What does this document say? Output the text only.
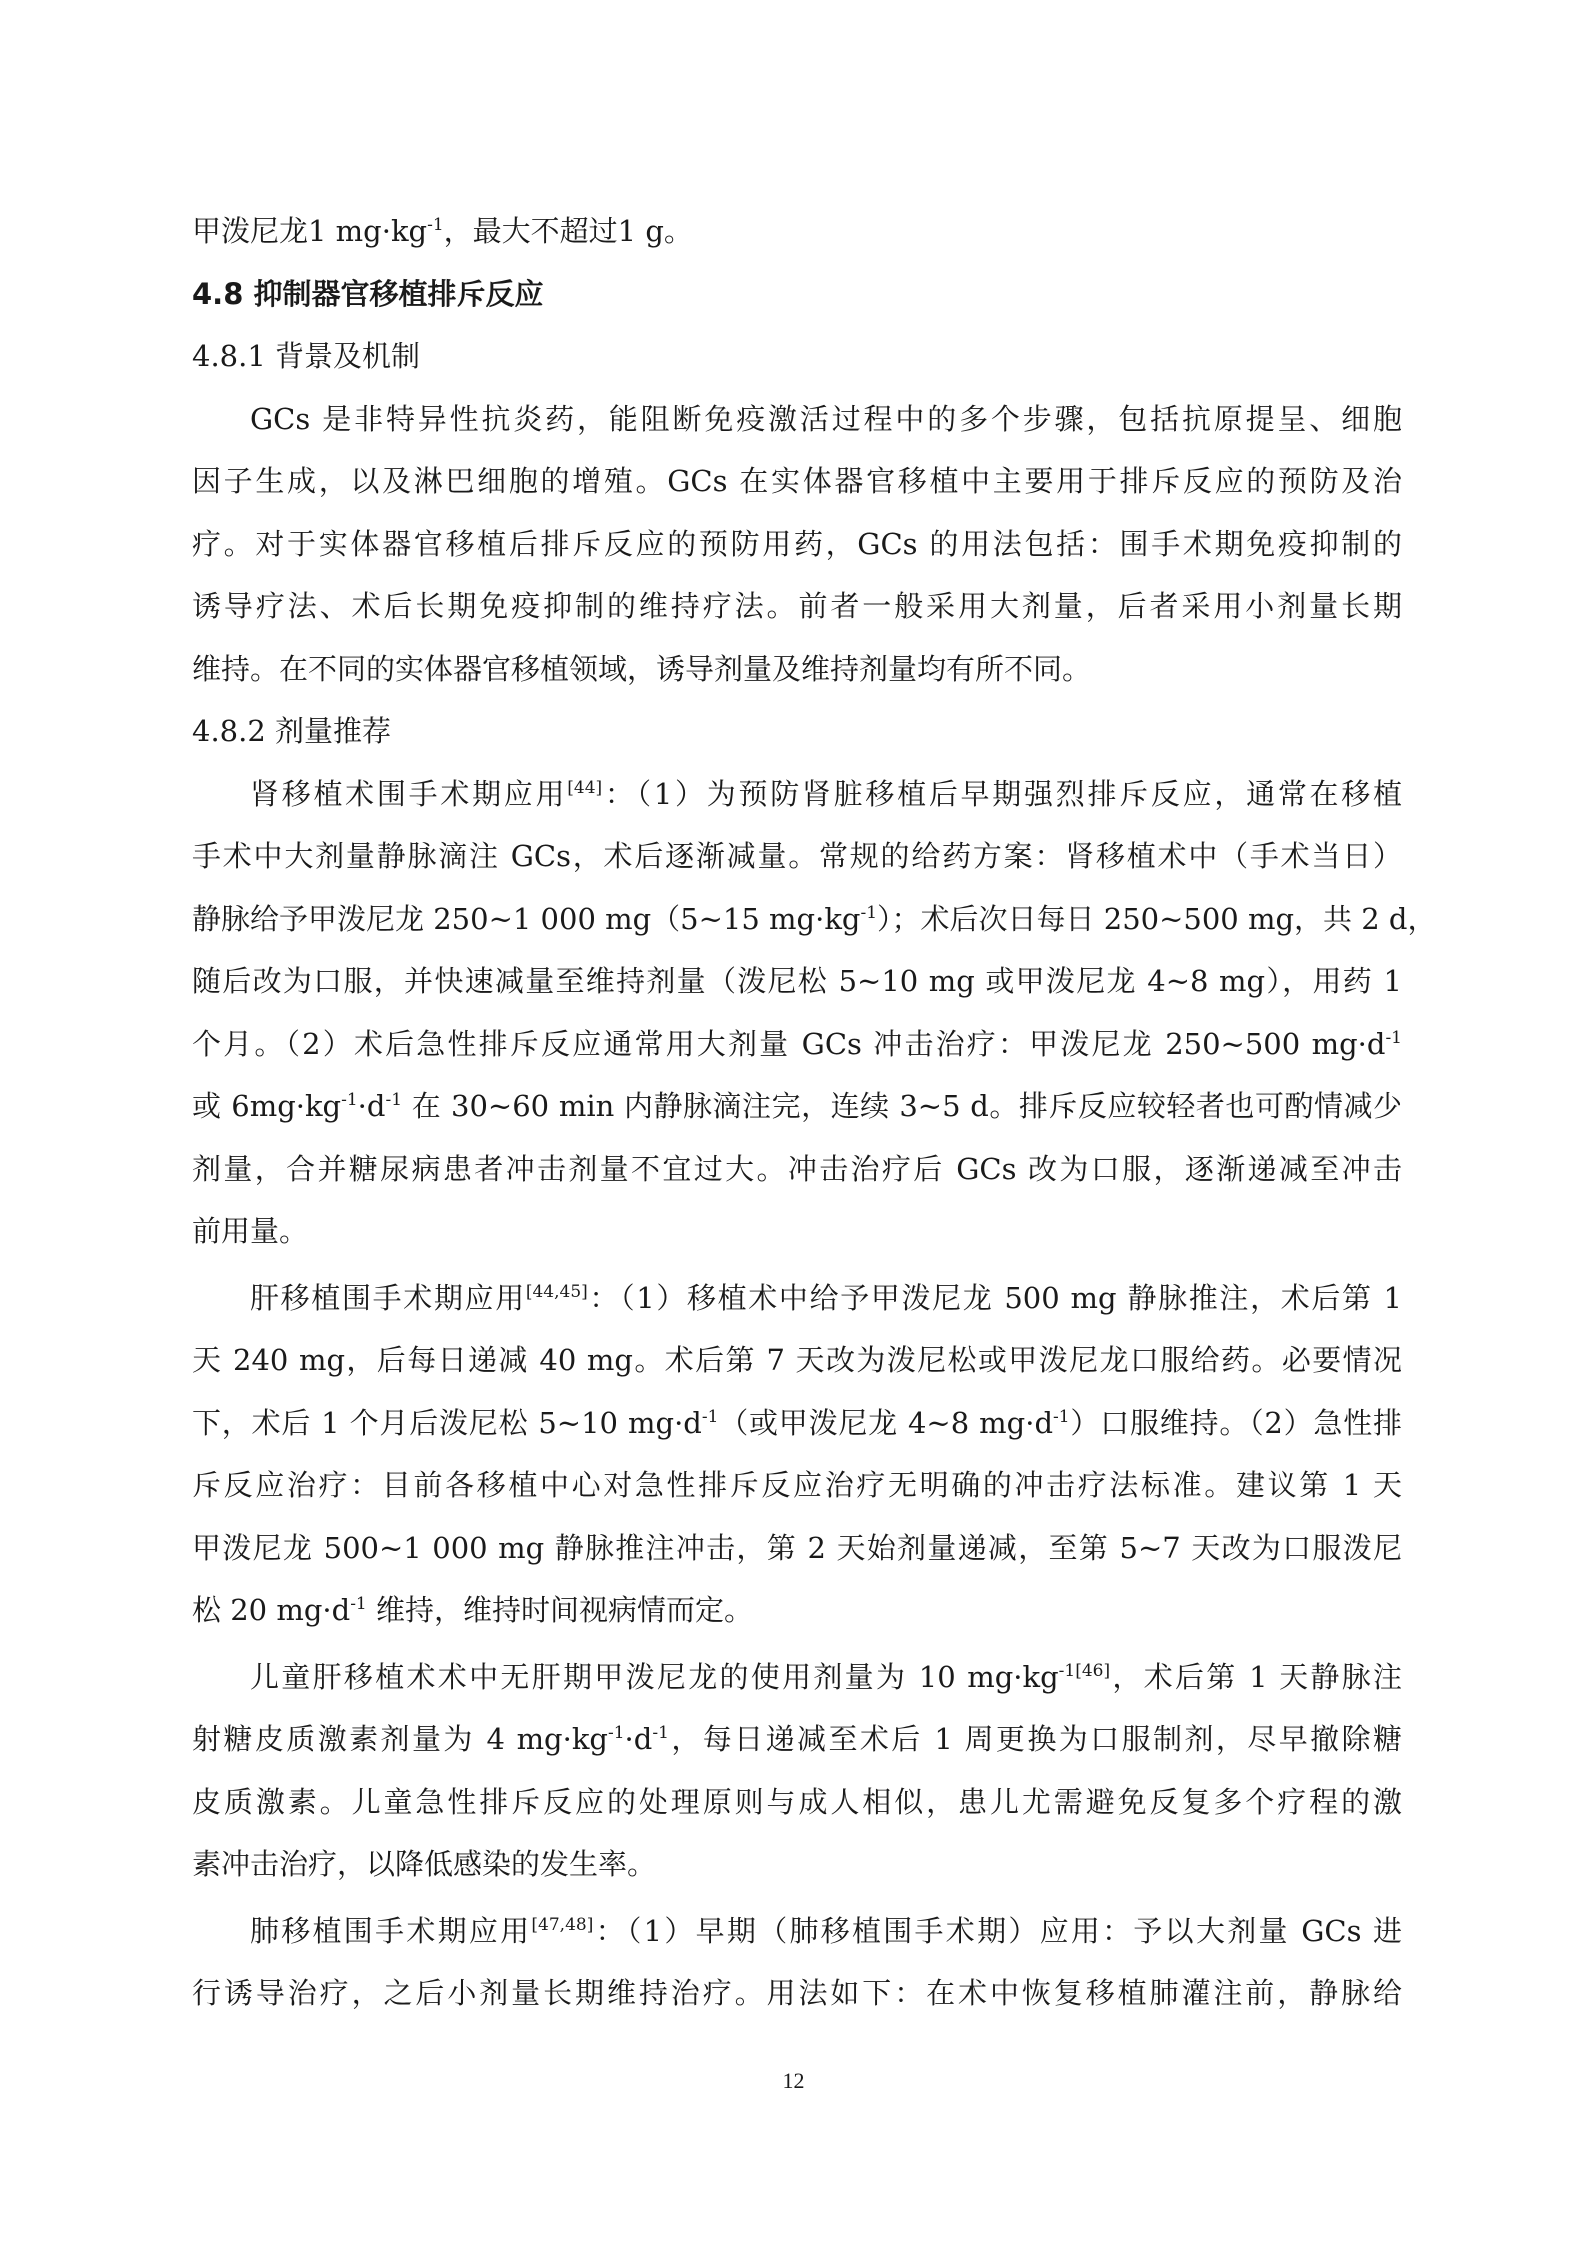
甲泼尼龙1 $mg\cdot kg^{-1}$，最大不超过1 g。

4.8 抑制器官移植排斥反应

4.8.1 背景及机制

GCs 是非特异性抗炎药，能阻断免疫激活过程中的多个步骤，包括抗原提呈、细胞

因子生成，以及淋巴细胞的增殖。GCs 在实体器官移植中主要用于排斥反应的预防及治

疗。对于实体器官移植后排斥反应的预防用药，GCs 的用法包括：围手术期免疫抑制的

诱导疗法、术后长期免疫抑制的维持疗法。前者一般采用大剂量，后者采用小剂量长期

维持。在不同的实体器官移植领域，诱导剂量及维持剂量均有所不同。

4.8.2 剂量推荐

肾移植术围手术期应用[44]：（1）为预防肾脏移植后早期强烈排斥反应，通常在移植

手术中大剂量静脉滴注 GCs，术后逐渐减量。常规的给药方案：肾移植术中（手术当日）

静脉给予甲泼尼龙 250~1 000 mg（5~15 $mg\cdot kg^{-1}$）；术后次日每日 250~500 mg，共 2 d，

随后改为口服，并快速减量至维持剂量（泼尼松 5~10 mg 或甲泼尼龙 4~8 mg），用药 1

个月。（2）术后急性排斥反应通常用大剂量 GCs 冲击治疗：甲泼尼龙 250~500 $mg\cdot d^{-1}$

或 $6mg\cdot kg^{-1}\cdot d^{-1}$ 在 30~60 min 内静脉滴注完，连续 3~5 d。排斥反应较轻者也可酌情减少

剂量，合并糖尿病患者冲击剂量不宜过大。冲击治疗后 GCs 改为口服，逐渐递减至冲击

前用量。

肝移植围手术期应用[44,45]：（1）移植术中给予甲泼尼龙 500 mg 静脉推注，术后第 1

天 240 mg，后每日递减 40 mg。术后第 7 天改为泼尼松或甲泼尼龙口服给药。必要情况

下，术后 1 个月后泼尼松 5~10 $mg\cdot d^{-1}$（或甲泼尼龙 4~8 $mg\cdot d^{-1}$）口服维持。（2）急性排

斥反应治疗：目前各移植中心对急性排斥反应治疗无明确的冲击疗法标准。建议第 1 天

甲泼尼龙 500~1 000 mg 静脉推注冲击，第 2 天始剂量递减，至第 5~7 天改为口服泼尼

松 20 $mg\cdot d^{-1}$ 维持，维持时间视病情而定。

儿童肝移植术术中无肝期甲泼尼龙的使用剂量为 10 $mg\cdot kg^{-1[46]}$，术后第 1 天静脉注

射糖皮质激素剂量为 4 $mg\cdot kg^{-1}\cdot d^{-1}$，每日递减至术后 1 周更换为口服制剂，尽早撤除糖

皮质激素。儿童急性排斥反应的处理原则与成人相似，患儿尤需避免反复多个疗程的激

素冲击治疗，以降低感染的发生率。

肺移植围手术期应用[47,48]：（1）早期（肺移植围手术期）应用：予以大剂量 GCs 进

行诱导治疗，之后小剂量长期维持治疗。用法如下：在术中恢复移植肺灌注前，静脉给

12
